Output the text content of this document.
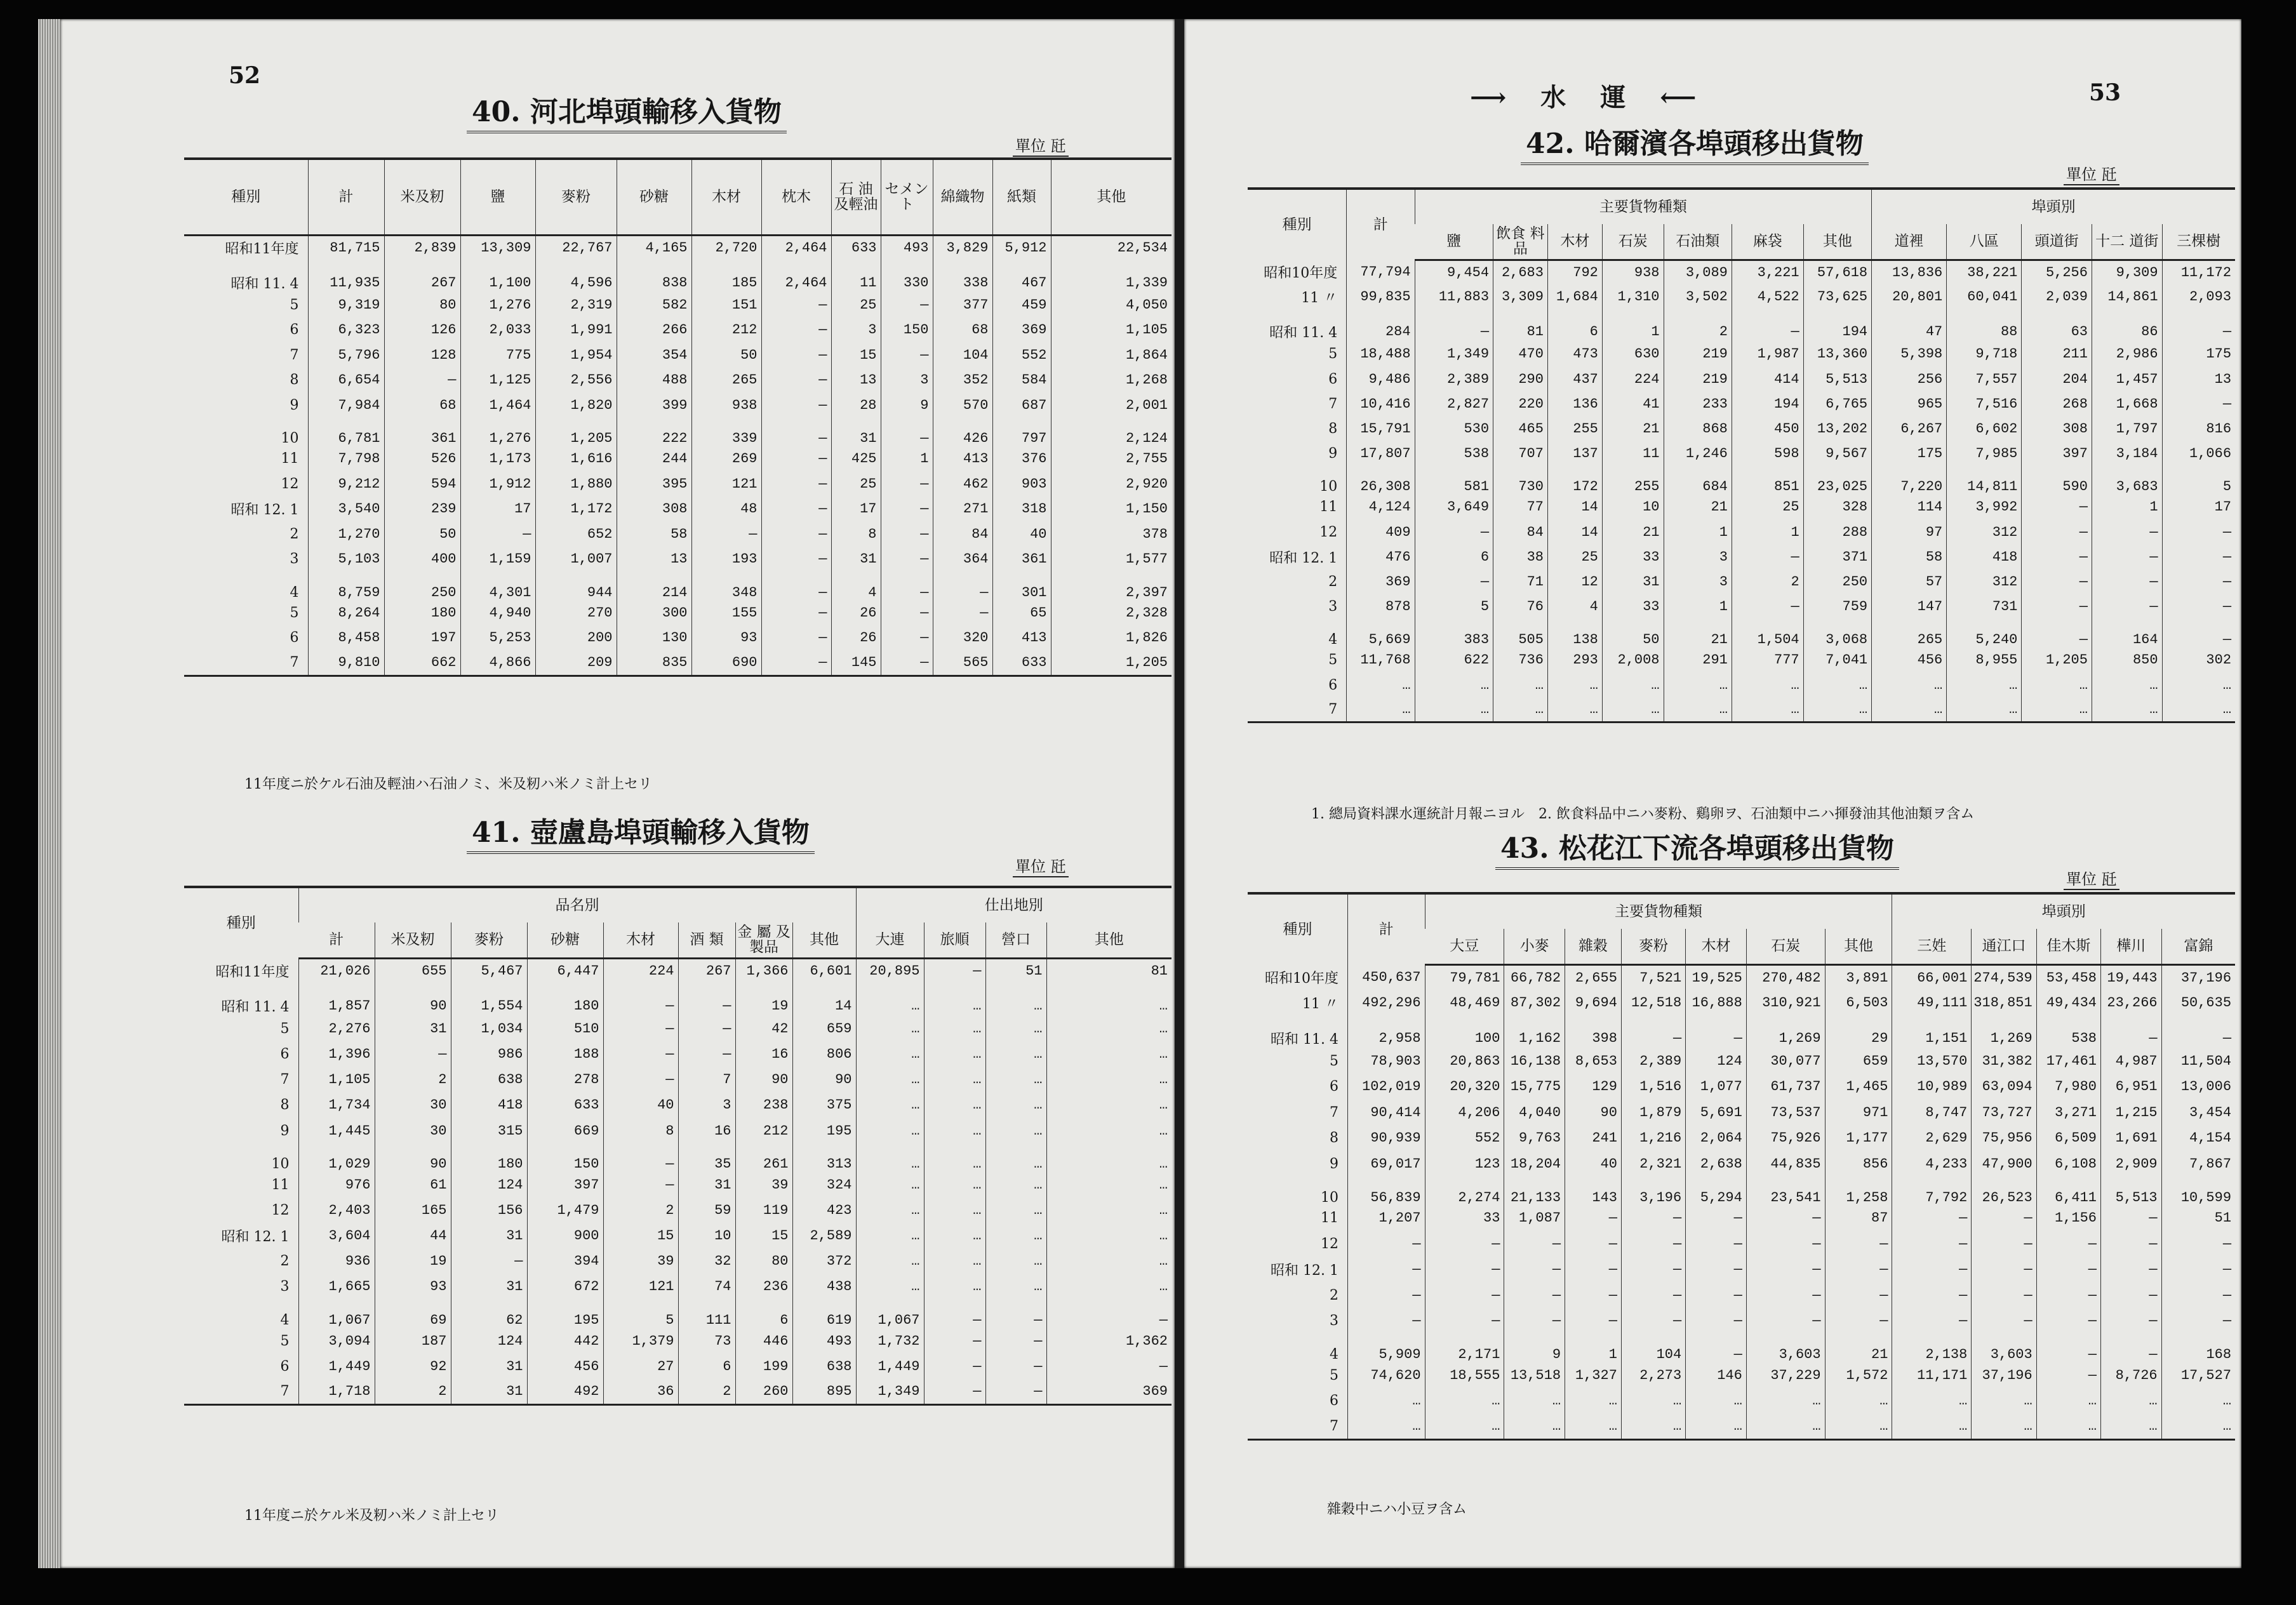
52
40. 河北埠頭輸移入貨物
單位 瓩
種別	計	米及籾	鹽	麥粉	砂糖	木材	枕木	石 油 及輕油	セメント	綿織物	紙類	其他
昭和11年度	81,715	2,839	13,309	22,767	4,165	2,720	2,464	633	493	3,829	5,912	22,534
昭和 11. 4	11,935	267	1,100	4,596	838	185	2,464	11	330	338	467	1,339
5	9,319	80	1,276	2,319	582	151	—	25	—	377	459	4,050
6	6,323	126	2,033	1,991	266	212	—	3	150	68	369	1,105
7	5,796	128	775	1,954	354	50	—	15	—	104	552	1,864
8	6,654	—	1,125	2,556	488	265	—	13	3	352	584	1,268
9	7,984	68	1,464	1,820	399	938	—	28	9	570	687	2,001
10	6,781	361	1,276	1,205	222	339	—	31	—	426	797	2,124
11	7,798	526	1,173	1,616	244	269	—	425	1	413	376	2,755
12	9,212	594	1,912	1,880	395	121	—	25	—	462	903	2,920
昭和 12. 1	3,540	239	17	1,172	308	48	—	17	—	271	318	1,150
2	1,270	50	—	652	58	—	—	8	—	84	40	378
3	5,103	400	1,159	1,007	13	193	—	31	—	364	361	1,577
4	8,759	250	4,301	944	214	348	—	4	—	—	301	2,397
5	8,264	180	4,940	270	300	155	—	26	—	—	65	2,328
6	8,458	197	5,253	200	130	93	—	26	—	320	413	1,826
7	9,810	662	4,866	209	835	690	—	145	—	565	633	1,205
11年度ニ於ケル石油及輕油ハ石油ノミ、米及籾ハ米ノミ計上セリ
41. 壺盧島埠頭輸移入貨物
單位 瓩
種別	品名別								仕出地別			
	計	米及籾	麥粉	砂糖	木材	酒 類	金 屬 及製品	其他	大連	旅順	營口	其他
昭和11年度	21,026	655	5,467	6,447	224	267	1,366	6,601	20,895	—	51	81
昭和 11. 4	1,857	90	1,554	180	—	—	19	14	…	…	…	…
5	2,276	31	1,034	510	—	—	42	659	…	…	…	…
6	1,396	—	986	188	—	—	16	806	…	…	…	…
7	1,105	2	638	278	—	7	90	90	…	…	…	…
8	1,734	30	418	633	40	3	238	375	…	…	…	…
9	1,445	30	315	669	8	16	212	195	…	…	…	…
10	1,029	90	180	150	—	35	261	313	…	…	…	…
11	976	61	124	397	—	31	39	324	…	…	…	…
12	2,403	165	156	1,479	2	59	119	423	…	…	…	…
昭和 12. 1	3,604	44	31	900	15	10	15	2,589	…	…	…	…
2	936	19	—	394	39	32	80	372	…	…	…	…
3	1,665	93	31	672	121	74	236	438	…	…	…	…
4	1,067	69	62	195	5	111	6	619	1,067	—	—	—
5	3,094	187	124	442	1,379	73	446	493	1,732	—	—	1,362
6	1,449	92	31	456	27	6	199	638	1,449	—	—	—
7	1,718	2	31	492	36	2	260	895	1,349	—	—	369
11年度ニ於ケル米及籾ハ米ノミ計上セリ
⟶ 水 運 ⟵	53
42. 哈爾濱各埠頭移出貨物
單位 瓩
種別	計	主要貨物種類							埠頭別				
		鹽	飲食 料品	木材	石炭	石油類	麻袋	其他	道裡	八區	頭道街	十二 道街	三棵樹
昭和10年度	77,794	9,454	2,683	792	938	3,089	3,221	57,618	13,836	38,221	5,256	9,309	11,172
11 〃	99,835	11,883	3,309	1,684	1,310	3,502	4,522	73,625	20,801	60,041	2,039	14,861	2,093
昭和 11. 4	284	—	81	6	1	2	—	194	47	88	63	86	—
5	18,488	1,349	470	473	630	219	1,987	13,360	5,398	9,718	211	2,986	175
6	9,486	2,389	290	437	224	219	414	5,513	256	7,557	204	1,457	13
7	10,416	2,827	220	136	41	233	194	6,765	965	7,516	268	1,668	—
8	15,791	530	465	255	21	868	450	13,202	6,267	6,602	308	1,797	816
9	17,807	538	707	137	11	1,246	598	9,567	175	7,985	397	3,184	1,066
10	26,308	581	730	172	255	684	851	23,025	7,220	14,811	590	3,683	5
11	4,124	3,649	77	14	10	21	25	328	114	3,992	—	1	17
12	409	—	84	14	21	1	1	288	97	312	—	—	—
昭和 12. 1	476	6	38	25	33	3	—	371	58	418	—	—	—
2	369	—	71	12	31	3	2	250	57	312	—	—	—
3	878	5	76	4	33	1	—	759	147	731	—	—	—
4	5,669	383	505	138	50	21	1,504	3,068	265	5,240	—	164	—
5	11,768	622	736	293	2,008	291	777	7,041	456	8,955	1,205	850	302
6	…	…	…	…	…	…	…	…	…	…	…	…	…
7	…	…	…	…	…	…	…	…	…	…	…	…	…
1. 總局資料課水運統計月報ニヨル　2. 飲食料品中ニハ麥粉、鷄卵ヲ、石油類中ニハ揮發油其他油類ヲ含ム
43. 松花江下流各埠頭移出貨物
單位 瓩
種別	計	主要貨物種類							埠頭別				
		大豆	小麥	雜穀	麥粉	木材	石炭	其他	三姓	通江口	佳木斯	樺川	富錦
昭和10年度	450,637	79,781	66,782	2,655	7,521	19,525	270,482	3,891	66,001	274,539	53,458	19,443	37,196
11 〃	492,296	48,469	87,302	9,694	12,518	16,888	310,921	6,503	49,111	318,851	49,434	23,266	50,635
昭和 11. 4	2,958	100	1,162	398	—	—	1,269	29	1,151	1,269	538	—	—
5	78,903	20,863	16,138	8,653	2,389	124	30,077	659	13,570	31,382	17,461	4,987	11,504
6	102,019	20,320	15,775	129	1,516	1,077	61,737	1,465	10,989	63,094	7,980	6,951	13,006
7	90,414	4,206	4,040	90	1,879	5,691	73,537	971	8,747	73,727	3,271	1,215	3,454
8	90,939	552	9,763	241	1,216	2,064	75,926	1,177	2,629	75,956	6,509	1,691	4,154
9	69,017	123	18,204	40	2,321	2,638	44,835	856	4,233	47,900	6,108	2,909	7,867
10	56,839	2,274	21,133	143	3,196	5,294	23,541	1,258	7,792	26,523	6,411	5,513	10,599
11	1,207	33	1,087	—	—	—	—	87	—	—	1,156	—	51
12	—	—	—	—	—	—	—	—	—	—	—	—	—
昭和 12. 1	—	—	—	—	—	—	—	—	—	—	—	—	—
2	—	—	—	—	—	—	—	—	—	—	—	—	—
3	—	—	—	—	—	—	—	—	—	—	—	—	—
4	5,909	2,171	9	1	104	—	3,603	21	2,138	3,603	—	—	168
5	74,620	18,555	13,518	1,327	2,273	146	37,229	1,572	11,171	37,196	—	8,726	17,527
6	…	…	…	…	…	…	…	…	…	…	…	…	…
7	…	…	…	…	…	…	…	…	…	…	…	…	…
雜穀中ニハ小豆ヲ含ム
